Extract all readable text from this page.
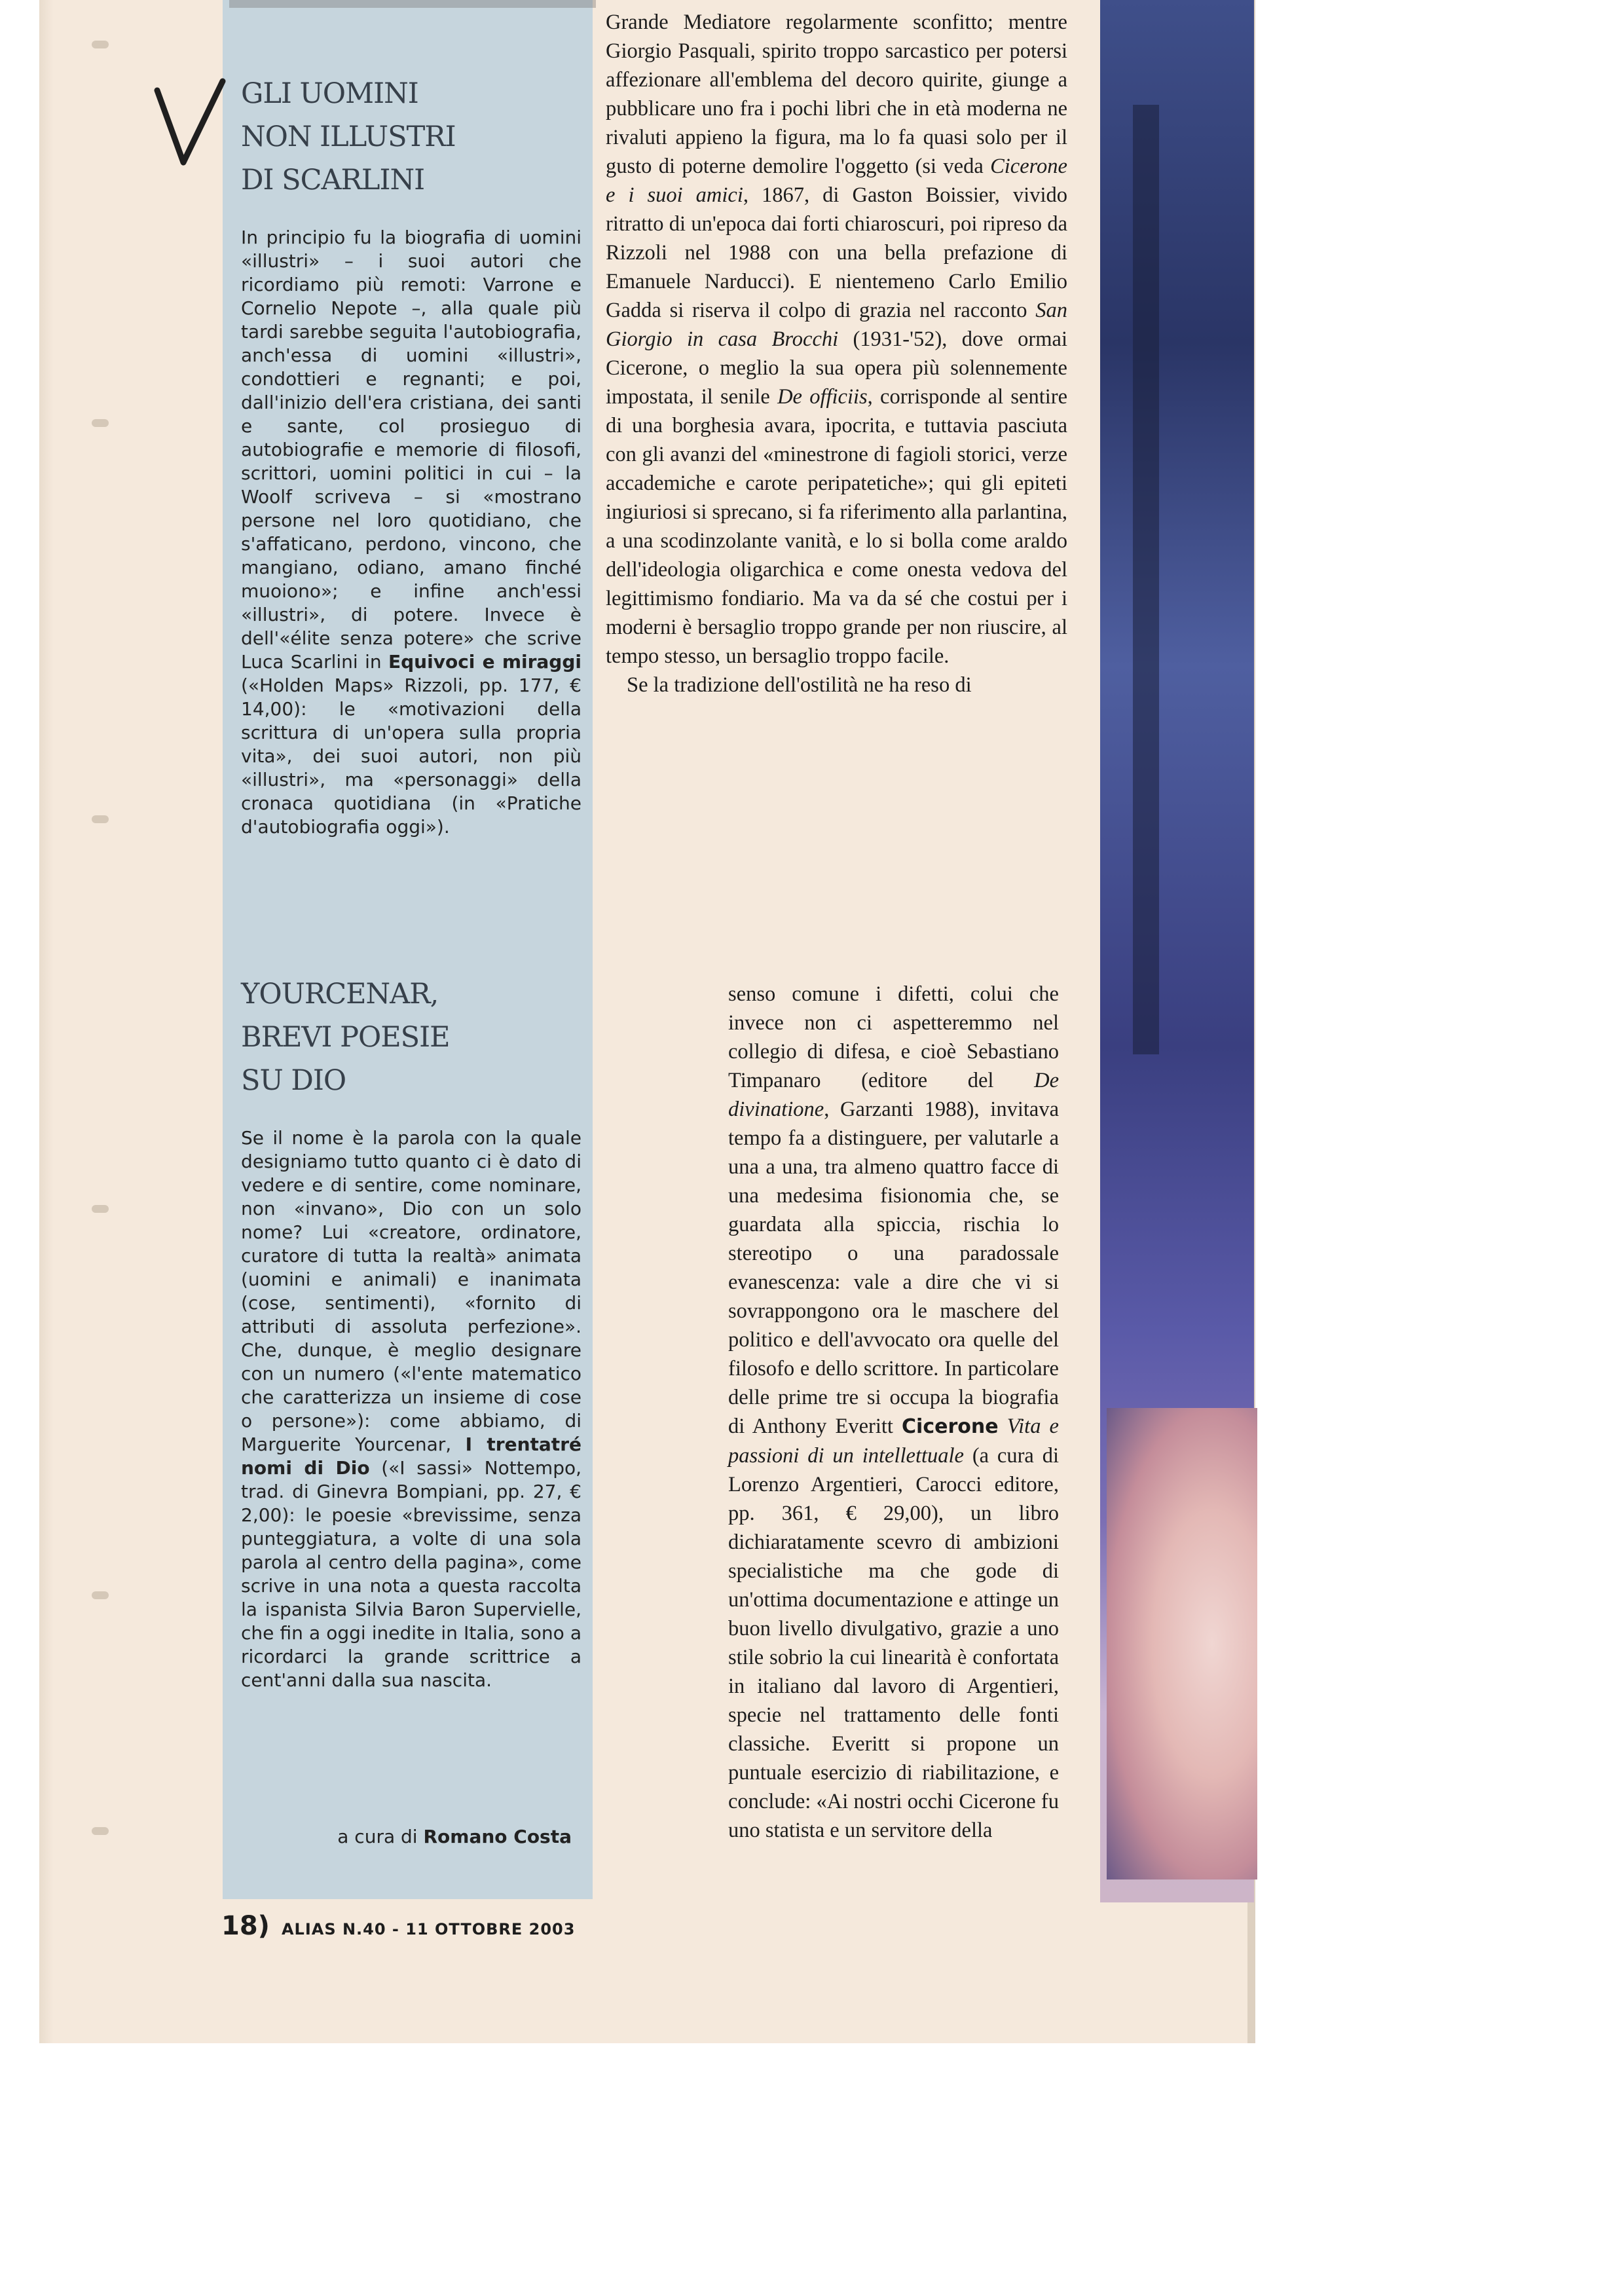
GLI UOMINI
NON ILLUSTRI
DI SCARLINI
In principio fu la biografia di uomini «illustri» – i suoi autori che ricordiamo più remoti: Varrone e Cornelio Nepote –, alla quale più tardi sarebbe seguita l'autobiografia, anch'essa di uomini «illustri», condottieri e regnanti; e poi, dall'inizio dell'era cristiana, dei santi e sante, col prosieguo di autobiografie e memorie di filosofi, scrittori, uomini politici in cui – la Woolf scriveva – si «mostrano persone nel loro quotidiano, che s'affaticano, perdono, vincono, che mangiano, odiano, amano finché muoiono»; e infine anch'essi «illustri», di potere. Invece è dell'«élite senza potere» che scrive Luca Scarlini in Equivoci e miraggi («Holden Maps» Rizzoli, pp. 177, € 14,00): le «motivazioni della scrittura di un'opera sulla propria vita», dei suoi autori, non più «illustri», ma «personaggi» della cronaca quotidiana (in «Pratiche d'autobiografia oggi»).
YOURCENAR,
BREVI POESIE
SU DIO
Se il nome è la parola con la quale designiamo tutto quanto ci è dato di vedere e di sentire, come nominare, non «invano», Dio con un solo nome? Lui «creatore, ordinatore, curatore di tutta la realtà» animata (uomini e animali) e inanimata (cose, sentimenti), «fornito di attributi di assoluta perfezione». Che, dunque, è meglio designare con un numero («l'ente matematico che caratterizza un insieme di cose o persone»): come abbiamo, di Marguerite Yourcenar, I trentatré nomi di Dio («I sassi» Nottempo, trad. di Ginevra Bompiani, pp. 27, € 2,00): le poesie «brevissime, senza punteggiatura, a volte di una sola parola al centro della pagina», come scrive in una nota a questa raccolta la ispanista Silvia Baron Supervielle, che fin a oggi inedite in Italia, sono a ricordarci la grande scrittrice a cent'anni dalla sua nascita.
a cura di Romano Costa

Grande Mediatore regolarmente sconfitto; mentre Giorgio Pasquali, spirito troppo sarcastico per potersi affezionare all'emblema del decoro quirite, giunge a pubblicare uno fra i pochi libri che in età moderna ne rivaluti appieno la figura, ma lo fa quasi solo per il gusto di poterne demolire l'oggetto (si veda Cicerone e i suoi amici, 1867, di Gaston Boissier, vivido ritratto di un'epoca dai forti chiaroscuri, poi ripreso da Rizzoli nel 1988 con una bella prefazione di Emanuele Narducci). E nientemeno Carlo Emilio Gadda si riserva il colpo di grazia nel racconto San Giorgio in casa Brocchi (1931-'52), dove ormai Cicerone, o meglio la sua opera più solennemente impostata, il senile De officiis, corrisponde al sentire di una borghesia avara, ipocrita, e tuttavia pasciuta con gli avanzi del «minestrone di fagioli storici, verze accademiche e carote peripatetiche»; qui gli epiteti ingiuriosi si sprecano, si fa riferimento alla parlantina, a una scodinzolante vanità, e lo si bolla come araldo dell'ideologia oligarchica e come onesta vedova del legittimismo fondiario. Ma va da sé che costui per i moderni è bersaglio troppo grande per non riuscire, al tempo stesso, un bersaglio troppo facile.

Se la tradizione dell'ostilità ne ha reso di

senso comune i difetti, colui che invece non ci aspetteremmo nel collegio di difesa, e cioè Sebastiano Timpanaro (editore del De divinatione, Garzanti 1988), invitava tempo fa a distinguere, per valutarle a una a una, tra almeno quattro facce di una medesima fisionomia che, se guardata alla spiccia, rischia lo stereotipo o una paradossale evanescenza: vale a dire che vi si sovrappongono ora le maschere del politico e dell'avvocato ora quelle del filosofo e dello scrittore. In particolare delle prime tre si occupa la biografia di Anthony Everitt Cicerone Vita e passioni di un intellettuale (a cura di Lorenzo Argentieri, Carocci editore, pp. 361, € 29,00), un libro dichiaratamente scevro di ambizioni specialistiche ma che gode di un'ottima documentazione e attinge un buon livello divulgativo, grazie a uno stile sobrio la cui linearità è confortata in italiano dal lavoro di Argentieri, specie nel trattamento delle fonti classiche. Everitt si propone un puntuale esercizio di riabilitazione, e conclude: «Ai nostri occhi Cicerone fu uno statista e un servitore della

18) ALIAS N.40 - 11 OTTOBRE 2003
